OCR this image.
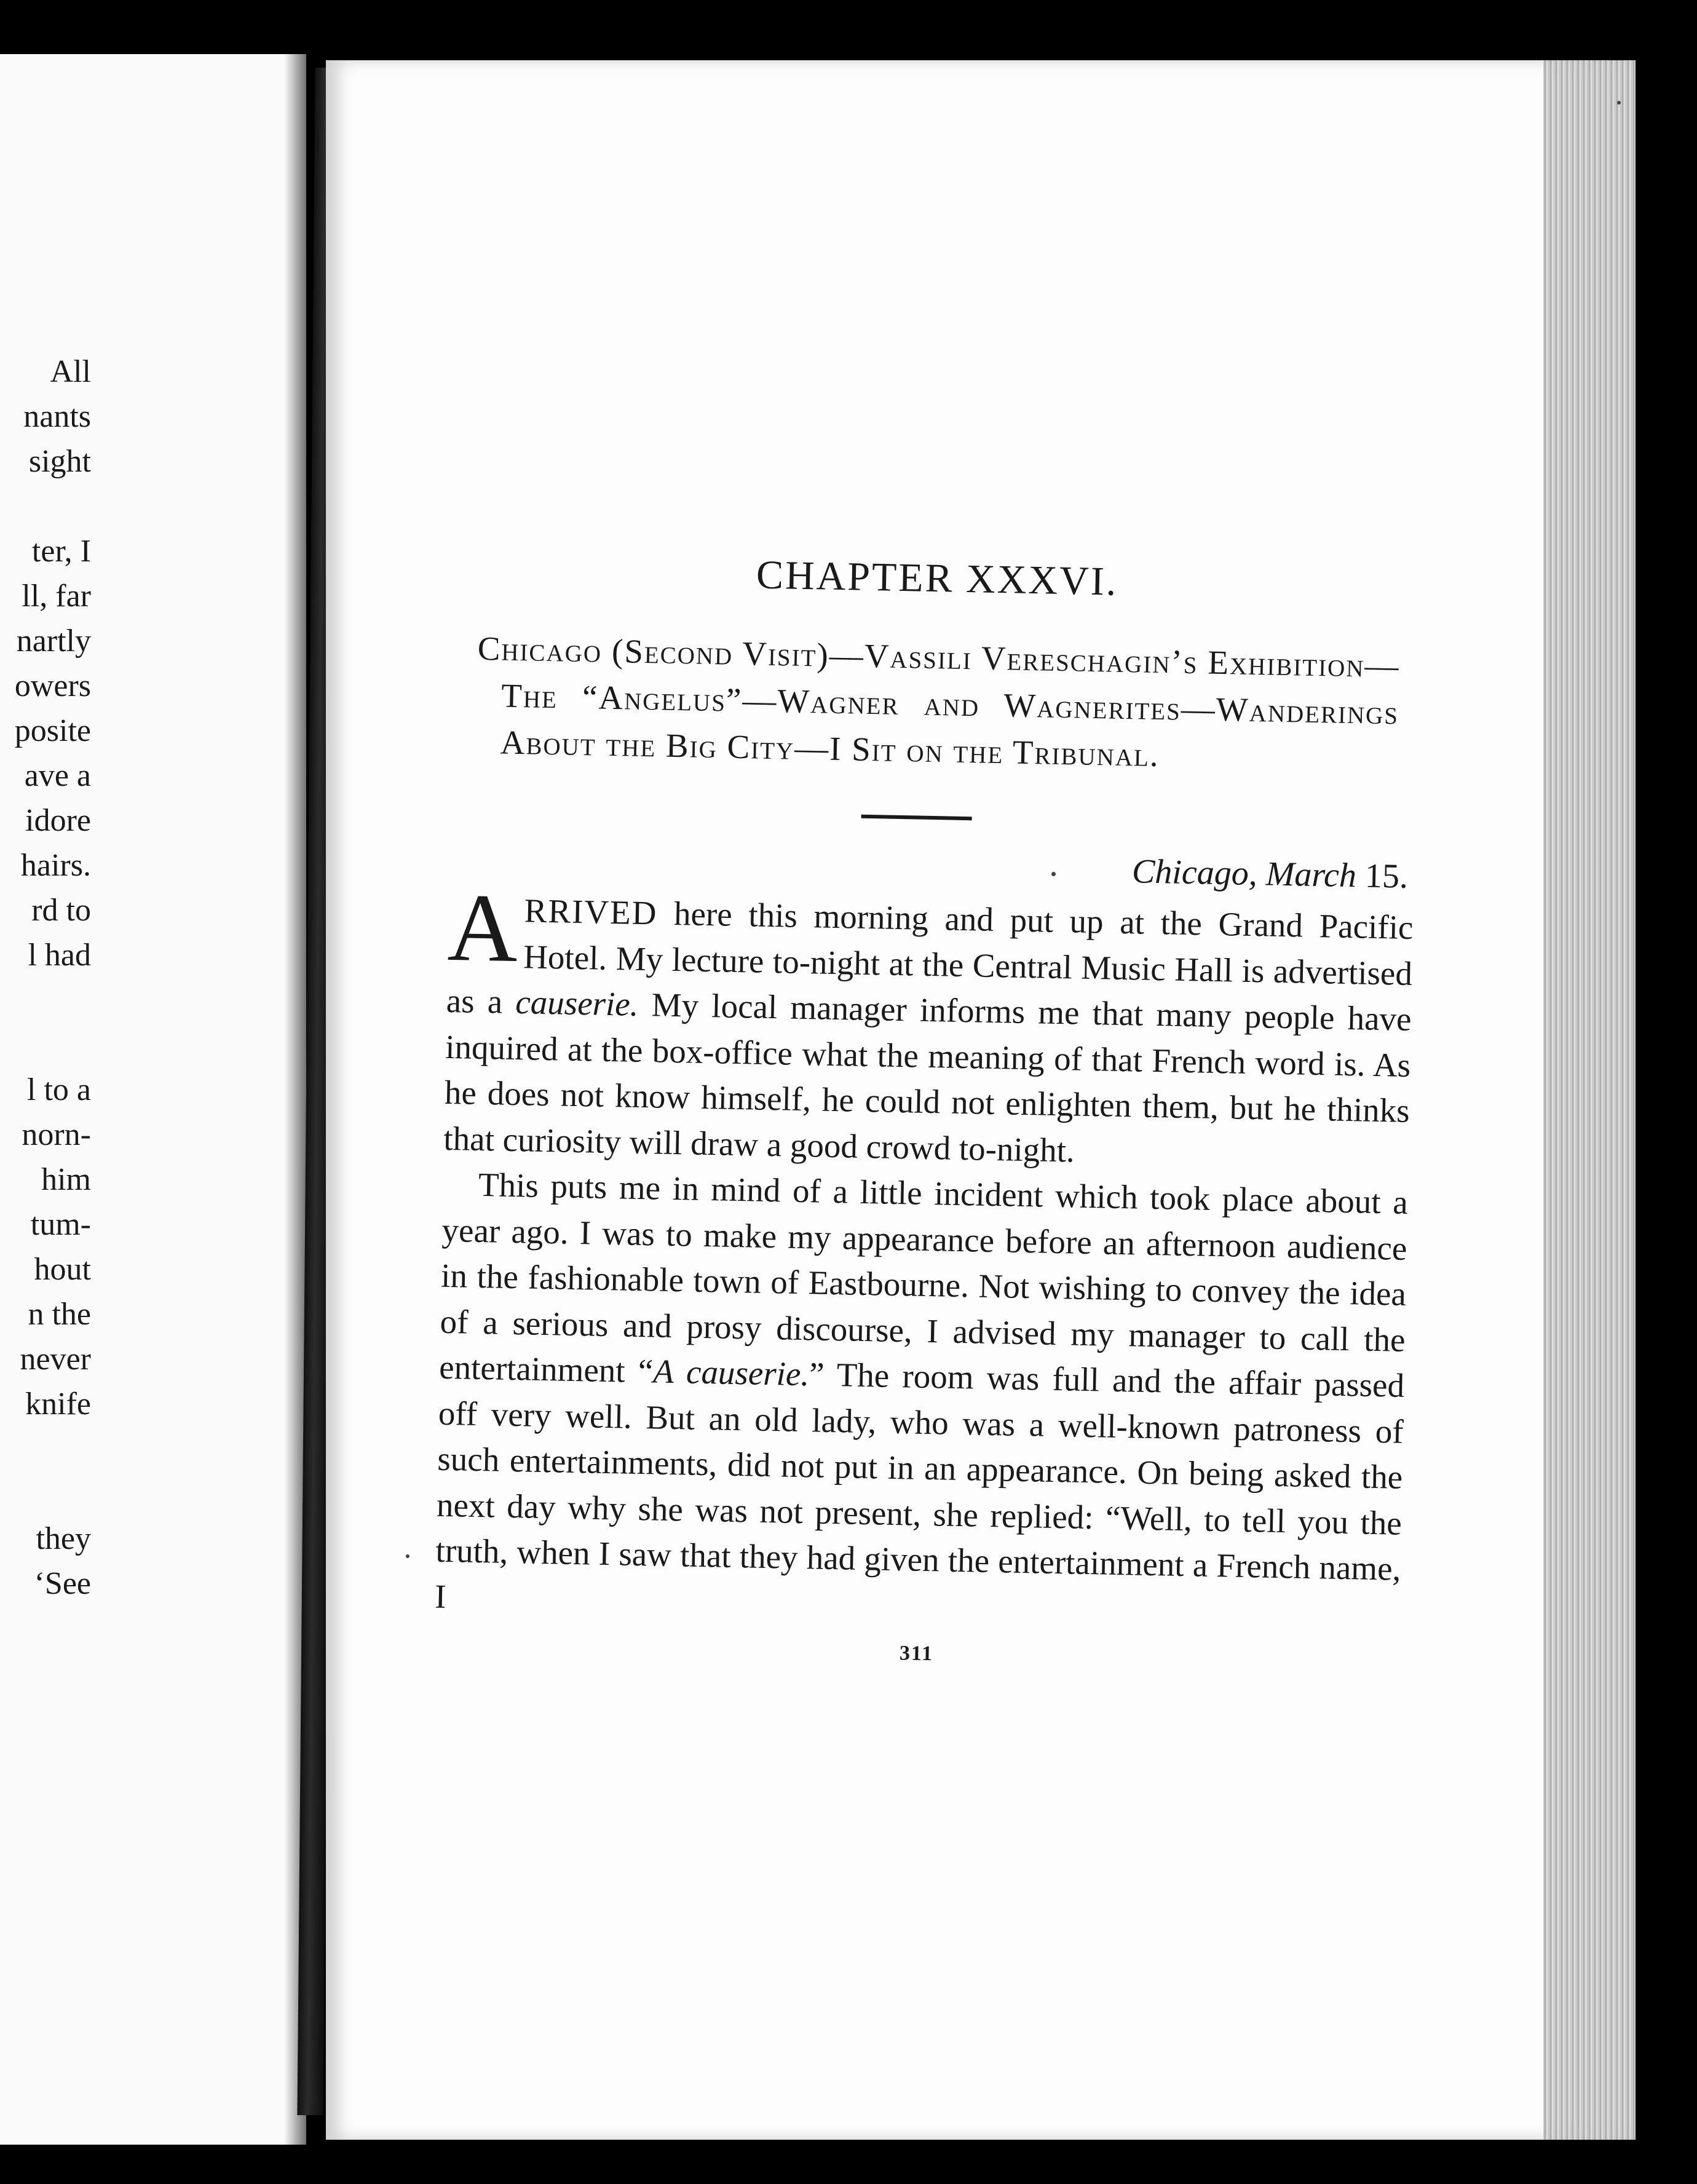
All
nants
sight
ter, I
ll, far
nartly
owers
posite
ave a
idore
hairs.
rd to
l had
l to a
norn-
him
tum-
hout
n the
never
knife
they
‘See
CHAPTER XXXVI.
Chicago (Second Visit)—Vassili Vereschagin’s Exhibition—The “Angelus”—Wagner and Wagnerites—Wanderings About the Big City—I Sit on the Tribunal.
Chicago, March 15.

ARRIVED here this morning and put up at the Grand Pacific Hotel. My lecture to-night at the Central Music Hall is advertised as a causerie. My local manager informs me that many people have inquired at the box-office what the meaning of that French word is. As he does not know himself, he could not enlighten them, but he thinks that curiosity will draw a good crowd to-night.

This puts me in mind of a little incident which took place about a year ago. I was to make my appearance before an afternoon audience in the fashionable town of Eastbourne. Not wishing to convey the idea of a serious and prosy discourse, I advised my manager to call the entertainment “A causerie.” The room was full and the affair passed off very well. But an old lady, who was a well-known patroness of such entertainments, did not put in an appearance. On being asked the next day why she was not present, she replied: “Well, to tell you the truth, when I saw that they had given the entertainment a French name, I

311
